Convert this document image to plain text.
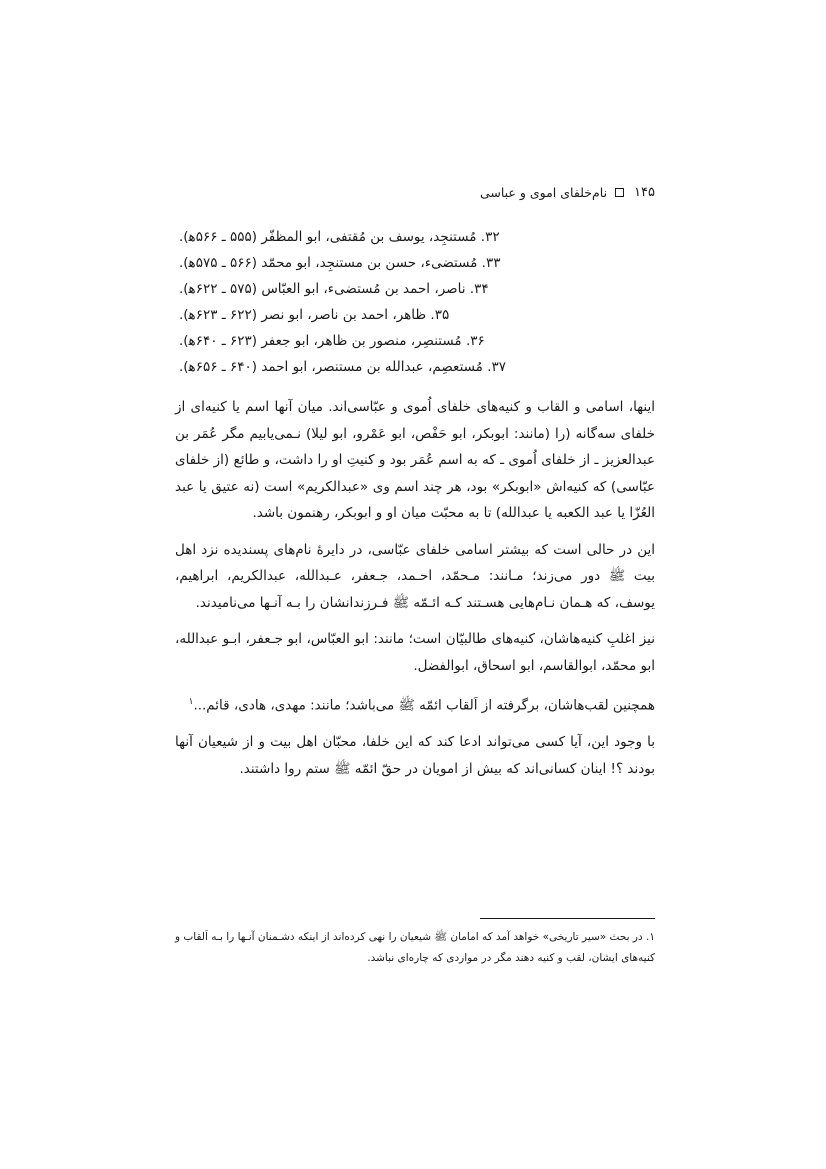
۱۴۵
نام‌خلفای اموی و عباسی
۳۲. مُستنجِد، يوسف بن مُقتفی، ابو المظفّر (۵۵۵ ـ ۵۶۶ه‍).
۳۳. مُستضیء، حسن بن مستنجِد، ابو محمّد (۵۶۶ ـ ۵۷۵ه‍).
۳۴. ناصر، احمد بن مُستضیء، ابو العبّاس (۵۷۵ ـ ۶۲۲ه‍).
۳۵. ظاهر، احمد بن ناصر، ابو نصر (۶۲۲ ـ ۶۲۳ه‍).
۳۶. مُستنصِر، منصور بن ظاهر، ابو جعفر (۶۲۳ ـ ۶۴۰ه‍).
۳۷. مُستعصِم، عبدالله بن مستنصر، ابو احمد (۶۴۰ ـ ۶۵۶ه‍).

اینها، اسامی و القاب و کنیه‌های خلفای اُموی و عبّاسی‌اند. میان آنها اسم یا کنیه‌ای از خلفای سه‌گانه (را (مانند: ابوبکر، ابو حَفْص، ابو عَمْرو، ابو لیلا) نـمی‌یابیم مگر عُمَر بن عبدالعزیز ـ از خلفای اُموی ـ که به اسم عُمَر بود و کنیتِ او را داشت، و طائع (از خلفای عبّاسی) که کنیه‌اش «ابوبکر» بود، هر چند اسم وی «عبدالکریم» است (نه عتیق یا عبد العُزّا یا عبد الکعبه یا عبدالله) تا به محبّت میان او و ابوبکر، رهنمون باشد.

این در حالی است که بیشتر اسامی خلفای عبّاسی، در دایرۀ نام‌های پسندیده نزد اهل بیت ﷺ دور می‌زند؛ مـانند: مـحمّد، احـمد، جـعفر، عـبدالله، عبدالکریم، ابراهیم، یوسف، که هـمان نـام‌هایی هسـتند کـه ائـمّه ﷺ فـرزندانشان را بـه آنـها می‌نامیدند.

نیز اغلبِ کنیه‌هاشان، کنیه‌های طالبیّان است؛ مانند: ابو العبّاس، ابو جـعفر، ابـو عبدالله، ابو محمّد، ابوالقاسم، ابو اسحاق، ابوالفضل.

همچنین لقب‌هاشان، برگرفته از اَلقاب ائمّه ﷺ می‌باشد؛ مانند: مهدی، هادی، قائم...$^۱$

با وجود این، آیا کسی می‌تواند ادعا کند که این خلفا، محبّان اهل بیت و از شیعیان آنها بودند ؟! اینان کسانی‌اند که بیش از امویان در حقّ ائمّه ﷺ ستم روا داشتند.

۱. در بحث «سیر تاریخی» خواهد آمد که امامان ﷺ شیعیان را نهی کرده‌اند از اینکه دشـمنان آنـها را بـه اَلقاب و کنیه‌های ایشان، لقب و کنیه دهند مگر در مواردی که چاره‌ای نباشد.
